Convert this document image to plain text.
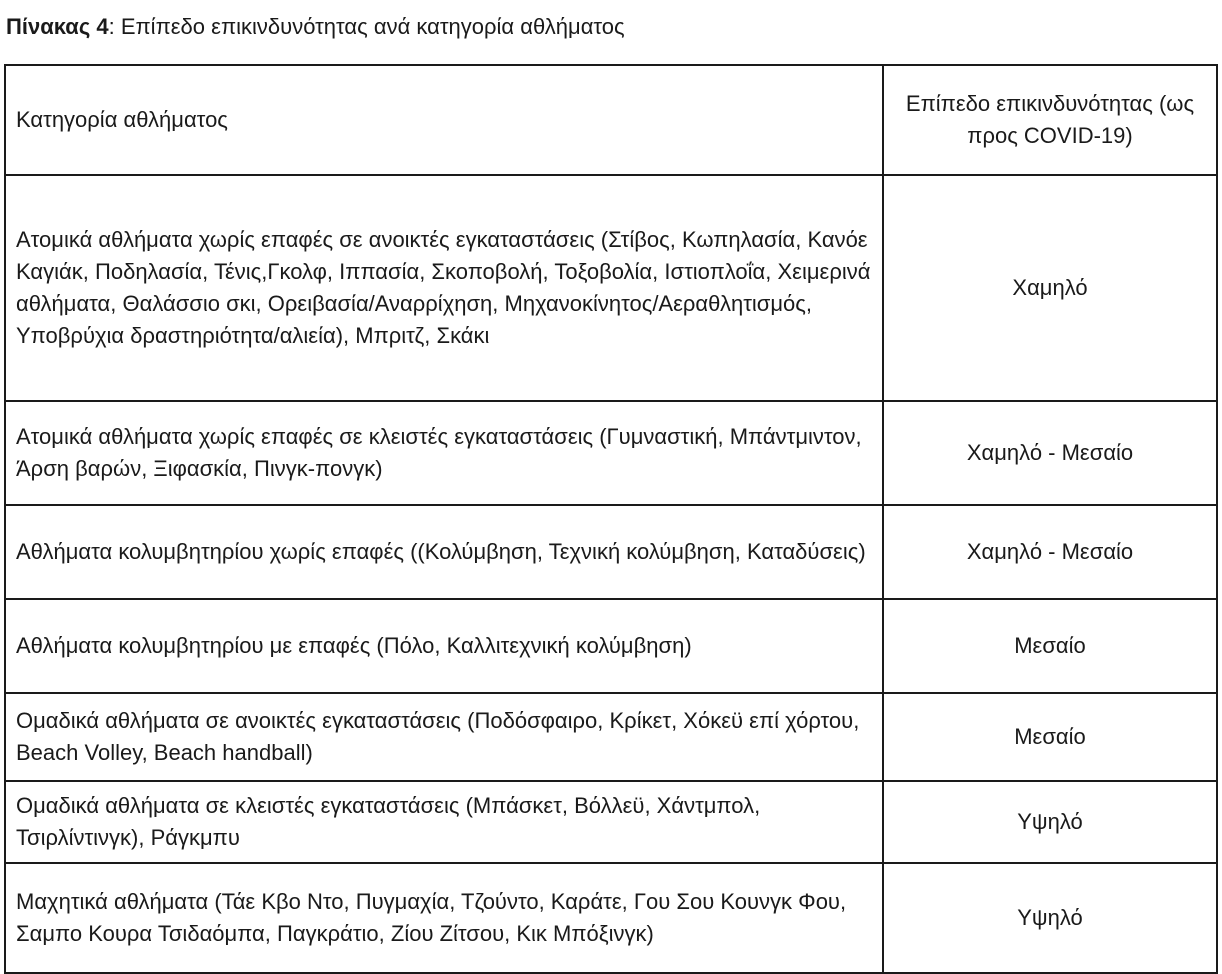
Πίνακας 4: Επίπεδο επικινδυνότητας ανά κατηγορία αθλήματος
Κατηγορία αθλήματος	Επίπεδο επικινδυνότητας (ως προς COVID-19)
Ατομικά αθλήματα χωρίς επαφές σε ανοικτές εγκαταστάσεις (Στίβος, Κωπηλασία, Κανόε Καγιάκ, Ποδηλασία, Τένις,Γκολφ, Ιππασία, Σκοποβολή, Τοξοβολία, Ιστιοπλοΐα, Χειμερινά αθλήματα, Θαλάσσιο σκι, Ορειβασία/Αναρρίχηση, Μηχανοκίνητος/Αεραθλητισμός, Υποβρύχια δραστηριότητα/αλιεία), Μπριτζ, Σκάκι	Χαμηλό
Ατομικά αθλήματα χωρίς επαφές σε κλειστές εγκαταστάσεις (Γυμναστική, Μπάντμιντον, Άρση βαρών, Ξιφασκία, Πινγκ-πονγκ)	Χαμηλό - Μεσαίο
Αθλήματα κολυμβητηρίου χωρίς επαφές ((Κολύμβηση, Τεχνική κολύμβηση, Καταδύσεις)	Χαμηλό - Μεσαίο
Αθλήματα κολυμβητηρίου με επαφές (Πόλο, Καλλιτεχνική κολύμβηση)	Μεσαίο
Ομαδικά αθλήματα σε ανοικτές εγκαταστάσεις (Ποδόσφαιρο, Κρίκετ, Χόκεϋ επί χόρτου, Beach Volley, Beach handball)	Μεσαίο
Ομαδικά αθλήματα σε κλειστές εγκαταστάσεις (Μπάσκετ, Βόλλεϋ, Χάντμπολ, Τσιρλίντινγκ), Ράγκμπυ	Υψηλό
Μαχητικά αθλήματα (Τάε Κβο Ντο, Πυγμαχία, Τζούντο, Καράτε, Γου Σου Κουνγκ Φου, Σαμπο Κουρα Τσιδαόμπα, Παγκράτιο, Ζίου Ζίτσου, Κικ Μπόξινγκ)	Υψηλό
